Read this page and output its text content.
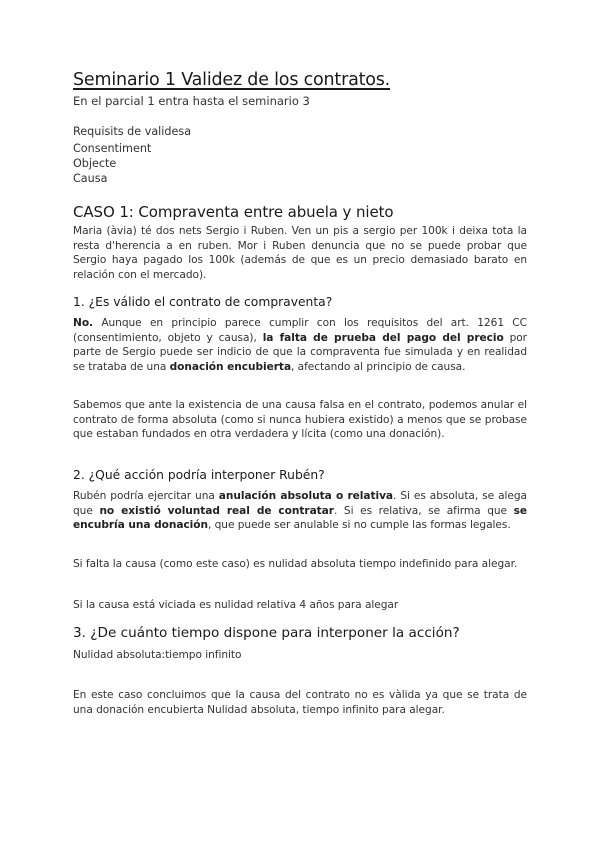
Seminario 1 Validez de los contratos.
En el parcial 1 entra hasta el seminario 3
Requisits de validesa
Consentiment
Objecte
Causa
CASO 1: Compraventa entre abuela y nieto

Maria (àvia) té dos nets Sergio i Ruben. Ven un pis a sergio per 100k i deixa tota la resta d'herencia a en ruben. Mor i Ruben denuncia que no se puede probar que Sergio haya pagado los 100k (además de que es un precio demasiado barato en relación con el mercado).

1. ¿Es válido el contrato de compraventa?

No. Aunque en principio parece cumplir con los requisitos del art. 1261 CC (consentimiento, objeto y causa), la falta de prueba del pago del precio por parte de Sergio puede ser indicio de que la compraventa fue simulada y en realidad se trataba de una donación encubierta, afectando al principio de causa.

Sabemos que ante la existencia de una causa falsa en el contrato, podemos anular el contrato de forma absoluta (como si nunca hubiera existido) a menos que se probase que estaban fundados en otra verdadera y lícita (como una donación).

2. ¿Qué acción podría interponer Rubén?

Rubén podría ejercitar una anulación absoluta o relativa. Si es absoluta, se alega que no existió voluntad real de contratar. Si es relativa, se afirma que se encubría una donación, que puede ser anulable si no cumple las formas legales.

Si falta la causa (como este caso) es nulidad absoluta tiempo indefinido para alegar.

Si la causa está viciada es nulidad relativa 4 años para alegar

3. ¿De cuánto tiempo dispone para interponer la acción?

Nulidad absoluta:tiempo infinito

En este caso concluimos que la causa del contrato no es vàlida ya que se trata de una donación encubierta Nulidad absoluta, tiempo infinito para alegar.
